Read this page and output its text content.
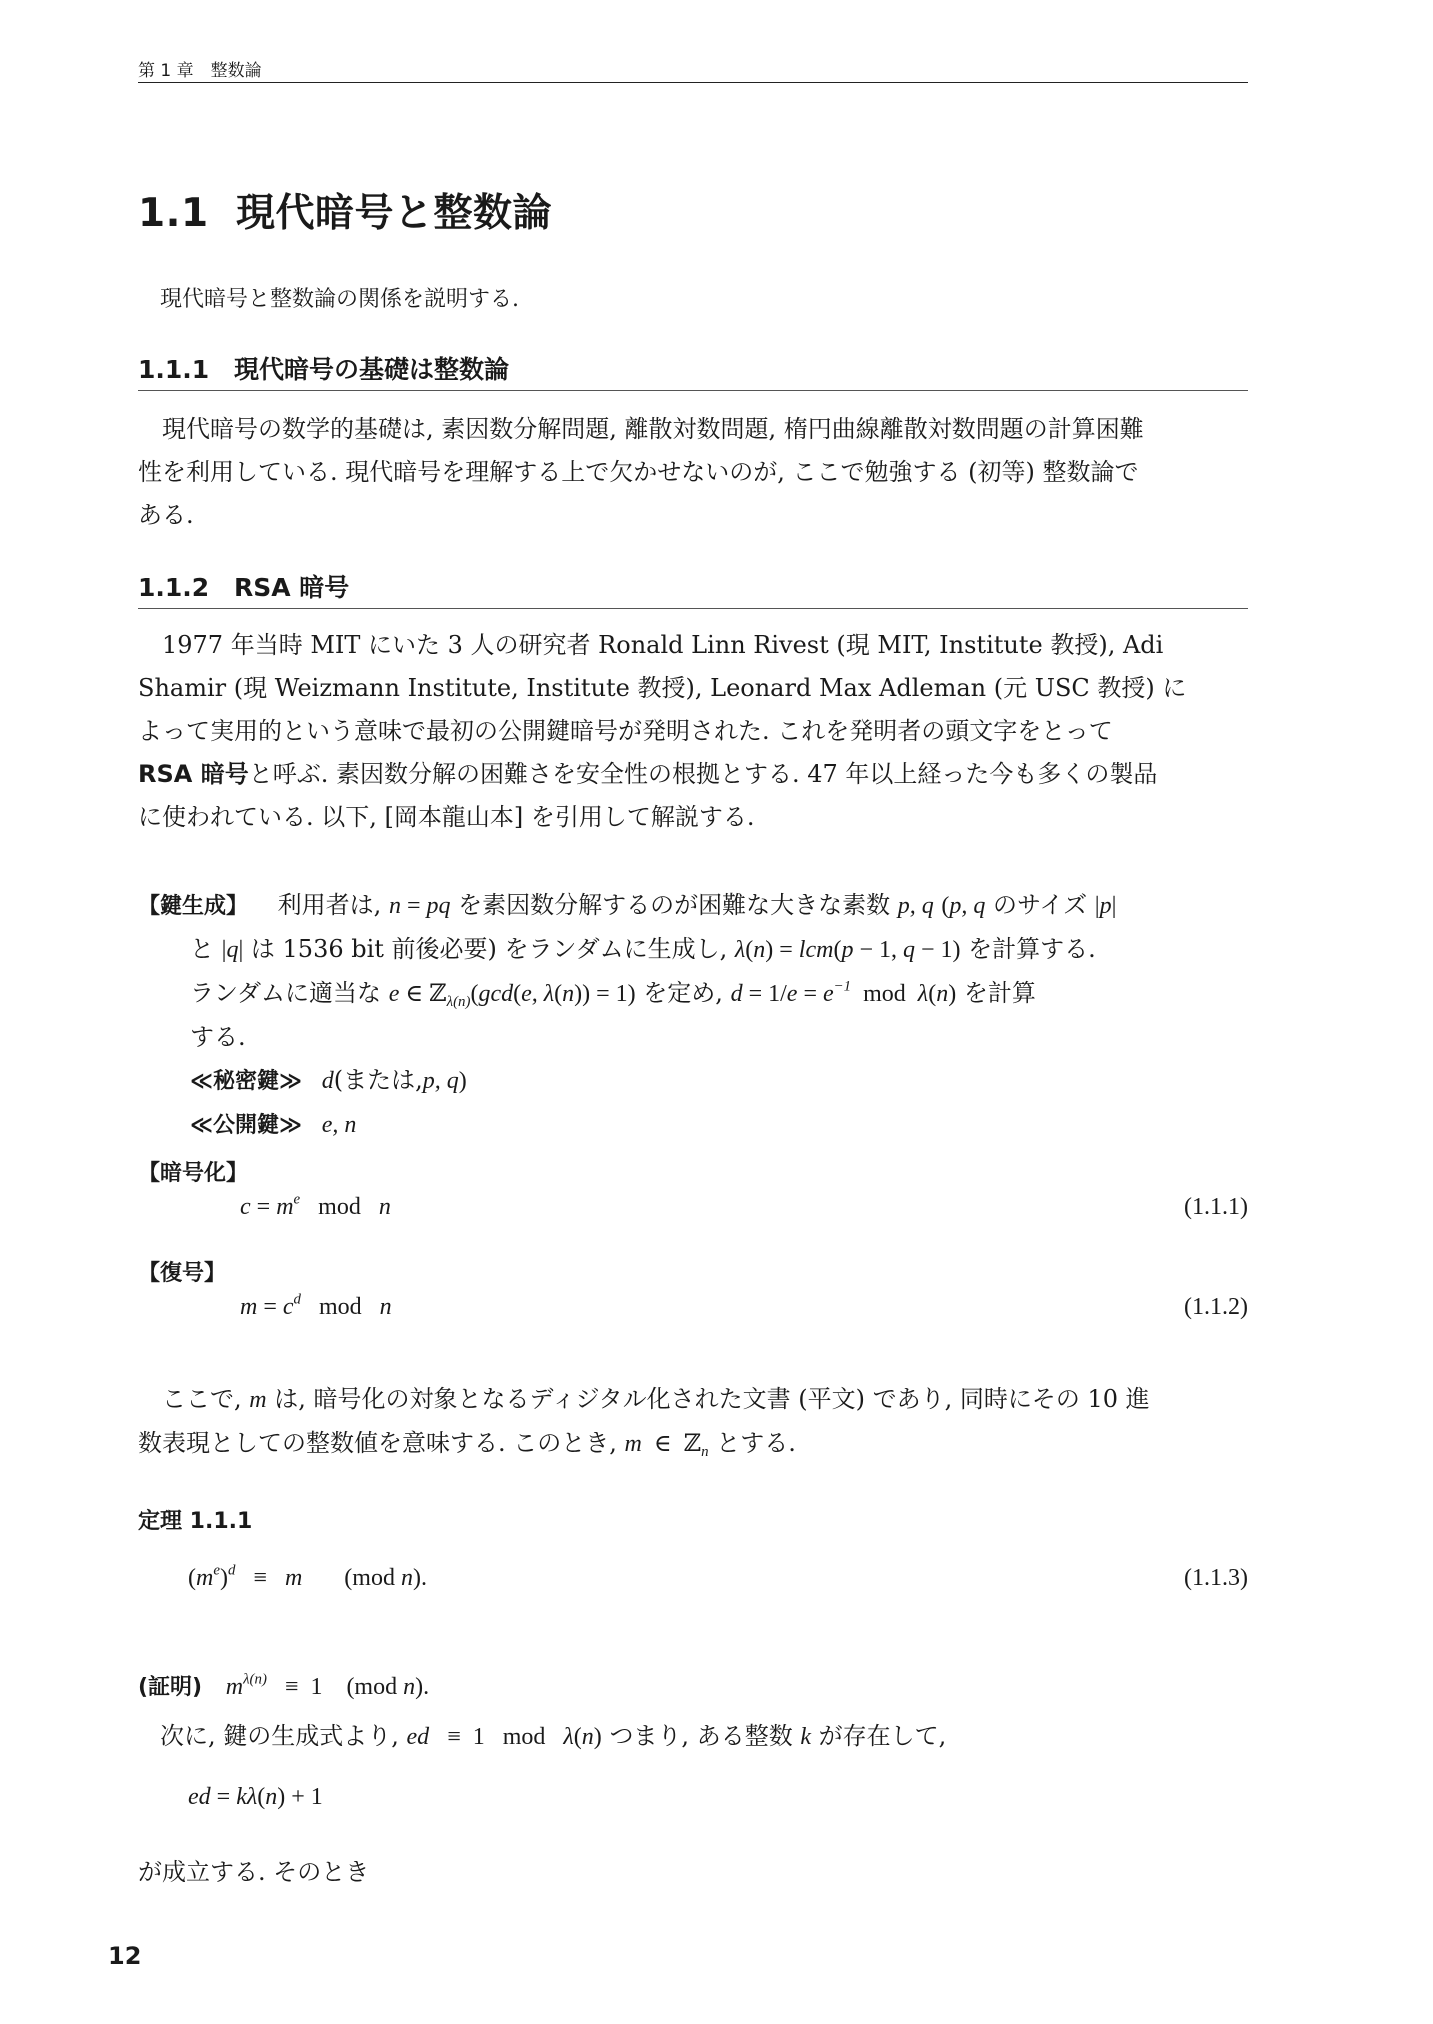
第 1 章　整数論
1.1 現代暗号と整数論
現代暗号と整数論の関係を説明する.
1.1.1 現代暗号の基礎は整数論
現代暗号の数学的基礎は, 素因数分解問題, 離散対数問題, 楕円曲線離散対数問題の計算困難
性を利用している. 現代暗号を理解する上で欠かせないのが, ここで勉強する (初等) 整数論で
ある.
1.1.2 RSA 暗号
1977 年当時 MIT にいた 3 人の研究者 Ronald Linn Rivest (現 MIT, Institute 教授), Adi
Shamir (現 Weizmann Institute, Institute 教授), Leonard Max Adleman (元 USC 教授) に
よって実用的という意味で最初の公開鍵暗号が発明された. これを発明者の頭文字をとって
RSA 暗号と呼ぶ. 素因数分解の困難さを安全性の根拠とする. 47 年以上経った今も多くの製品
に使われている. 以下, [岡本龍山本] を引用して解説する.
【鍵生成】 利用者は, n = pq を素因数分解するのが困難な大きな素数 p, q (p, q のサイズ |p|
と |q| は 1536 bit 前後必要) をランダムに生成し, λ(n) = lcm(p − 1, q − 1) を計算する.
ランダムに適当な e ∈ ℤ$_{\lambda(n)}$(gcd(e, λ(n)) = 1) を定め, $d = 1/e = e^{-1}$  mod  λ(n) を計算
する.
≪秘密鍵≫ d(または,p, q)
≪公開鍵≫ e, n
【暗号化】
$c = m^e$   mod   n	(1.1.1)
【復号】
$m = c^d$   mod   n	(1.1.2)
ここで, m は, 暗号化の対象となるディジタル化された文書 (平文) であり, 同時にその 10 進
数表現としての整数値を意味する. このとき, m  ∈  ℤ$_n$ とする.
定理 1.1.1
$(m^e)^d \equiv m$       (mod n).	(1.1.3)
(証明) $m^{\lambda(n)} \equiv 1$    (mod n).
次に, 鍵の生成式より, ed   ≡  1   mod   λ(n) つまり, ある整数 k が存在して,
ed = kλ(n) + 1
が成立する. そのとき
12
